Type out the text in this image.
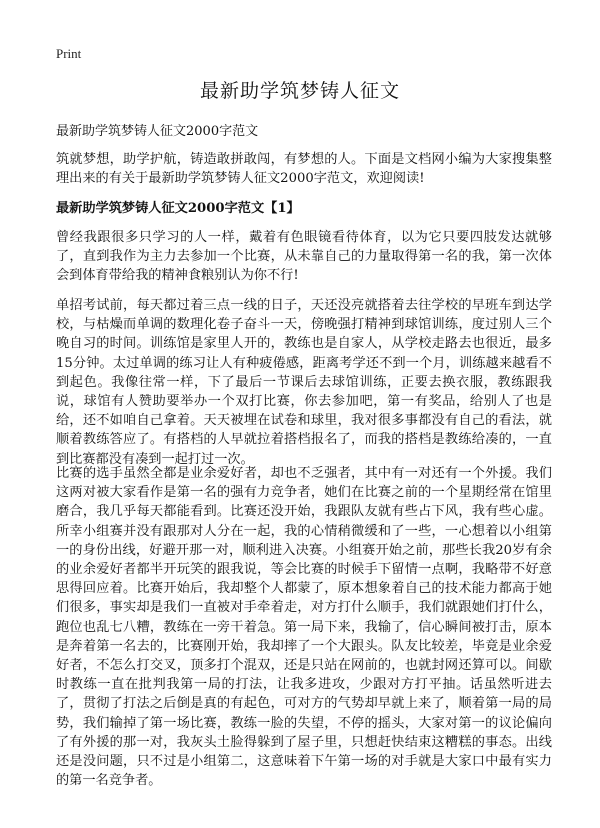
Print
最新助学筑梦铸人征文

最新助学筑梦铸人征文2000字范文

筑就梦想，助学护航，铸造敢拼敢闯，有梦想的人。下面是文档网小编为大家搜集整理出来的有关于最新助学筑梦铸人征文2000字范文，欢迎阅读!

最新助学筑梦铸人征文2000字范文【1】

曾经我跟很多只学习的人一样，戴着有色眼镜看待体育，以为它只要四肢发达就够了，直到我作为主力去参加一个比赛，从未靠自己的力量取得第一名的我，第一次体会到体育带给我的精神食粮别认为你不行!

单招考试前，每天都过着三点一线的日子，天还没亮就搭着去往学校的早班车到达学校，与枯燥而单调的数理化卷子奋斗一天，傍晚强打精神到球馆训练，度过别人三个晚自习的时间。训练馆是家里人开的，教练也是自家人，从学校走路去也很近，最多15分钟。太过单调的练习让人有种疲倦感，距离考学还不到一个月，训练越来越看不到起色。我像往常一样，下了最后一节课后去球馆训练，正要去换衣服，教练跟我说，球馆有人赞助要举办一个双打比赛，你去参加吧，第一有奖品，给别人了也是给，还不如咱自己拿着。天天被埋在试卷和球里，我对很多事都没有自己的看法，就顺着教练答应了。有搭档的人早就拉着搭档报名了，而我的搭档是教练给凑的，一直到比赛都没有凑到一起打过一次。

比赛的选手虽然全都是业余爱好者，却也不乏强者，其中有一对还有一个外援。我们这两对被大家看作是第一名的强有力竞争者，她们在比赛之前的一个星期经常在馆里磨合，我几乎每天都能看到。比赛还没开始，我跟队友就有些占下风，我有些心虚。所幸小组赛并没有跟那对人分在一起，我的心情稍微缓和了一些，一心想着以小组第一的身份出线，好避开那一对，顺利进入决赛。小组赛开始之前，那些长我20岁有余的业余爱好者都半开玩笑的跟我说，等会比赛的时候手下留情一点啊，我略带不好意思得回应着。比赛开始后，我却整个人都蒙了，原本想象着自己的技术能力都高于她们很多，事实却是我们一直被对手牵着走，对方打什么顺手，我们就跟她们打什么，跑位也乱七八糟，教练在一旁干着急。第一局下来，我输了，信心瞬间被打击，原本是奔着第一名去的，比赛刚开始，我却摔了一个大跟头。队友比较差，毕竟是业余爱好者，不怎么打交叉，顶多打个混双，还是只站在网前的，也就封网还算可以。间歇时教练一直在批判我第一局的打法，让我多进攻，少跟对方打平抽。话虽然听进去了，贯彻了打法之后倒是真的有起色，可对方的气势却早就上来了，顺着第一局的局势，我们输掉了第一场比赛，教练一脸的失望，不停的摇头，大家对第一的议论偏向了有外援的那一对，我灰头土脸得躲到了屋子里，只想赶快结束这糟糕的事态。出线还是没问题，只不过是小组第二，这意味着下午第一场的对手就是大家口中最有实力的第一名竞争者。
